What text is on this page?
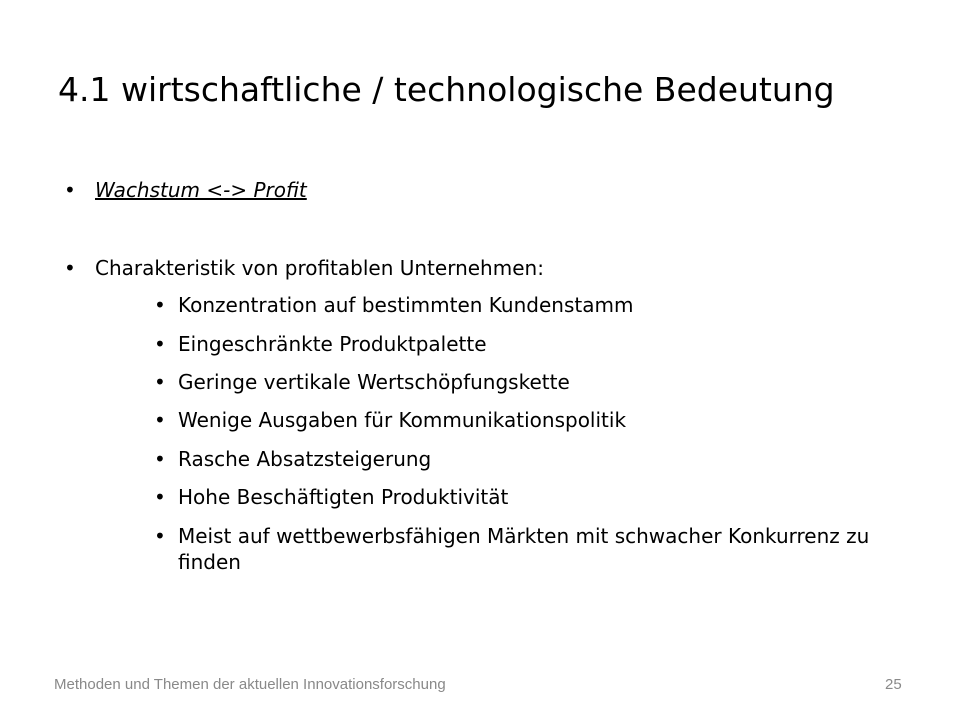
4.1 wirtschaftliche / technologische Bedeutung
• Wachstum <-> Profit
• Charakteristik von profitablen Unternehmen:
• Konzentration auf bestimmten Kundenstamm
• Eingeschränkte Produktpalette
• Geringe vertikale Wertschöpfungskette
• Wenige Ausgaben für Kommunikationspolitik
• Rasche Absatzsteigerung
• Hohe Beschäftigten Produktivität
• Meist auf wettbewerbsfähigen Märkten mit schwacher Konkurrenz zu finden
Methoden und Themen der aktuellen Innovationsforschung	25
